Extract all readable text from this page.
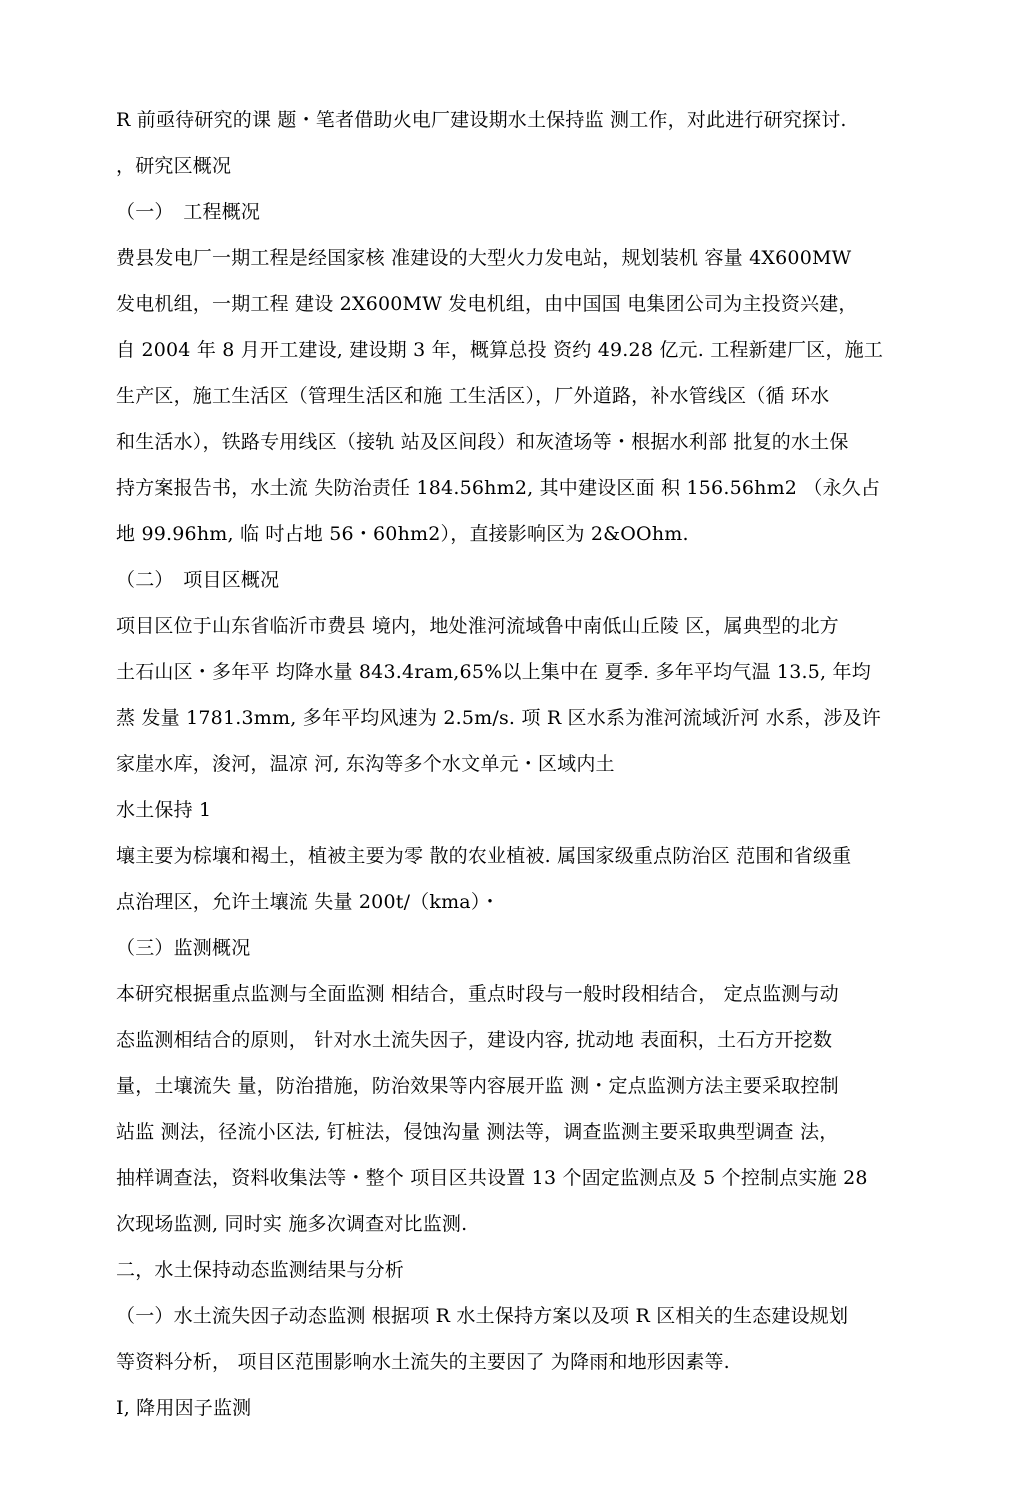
R 前亟待研究的课 题・笔者借助火电厂建设期水土保持监 测工作，对此进行研究探讨.
，研究区概况
（一）　工程概况
费县发电厂一期工程是经国家核 准建设的大型火力发电站，规划装机 容量 4X600MW
发电机组，一期工程 建设 2X600MW 发电机组，由中国国 电集团公司为主投资兴建，
自 2004 年 8 月开工建设, 建设期 3 年，概算总投 资约 49.28 亿元. 工程新建厂区，施工
生产区，施工生活区（管理生活区和施 工生活区），厂外道路，补水管线区（循 环水
和生活水），铁路专用线区（接轨 站及区间段）和灰渣场等・根据水利部 批复的水土保
持方案报告书，水土流 失防治责任 184.56hm2, 其中建设区面 积 156.56hm2 （永久占
地 99.96hm, 临 吋占地 56・60hm2），直接影响区为 2&OOhm.
（二）　项目区概况
项目区位于山东省临沂市费县 境内，地处淮河流域鲁中南低山丘陵 区，属典型的北方
土石山区・多年平 均降水量 843.4ram,65%以上集中在 夏季. 多年平均气温 13.5, 年均
蒸 发量 1781.3mm, 多年平均风速为 2.5m/s. 项 R 区水系为淮河流域沂河 水系，涉及许
家崖水库，浚河，温凉 河, 东沟等多个水文单元・区域内土
水土保持 1
壤主要为棕壤和褐土，植被主要为零 散的农业植被. 属国家级重点防治区 范围和省级重
点治理区，允许土壤流 失量 200t/（kma）・
（三）监测概况
本研究根据重点监测与全面监测 相结合，重点时段与一般时段相结合， 定点监测与动
态监测相结合的原则， 针对水土流失因子，建设内容, 扰动地 表面积，土石方开挖数
量，土壤流失 量，防治措施，防治效果等内容展开监 测・定点监测方法主要采取控制
站监 测法，径流小区法, 钉桩法，侵蚀沟量 测法等，调查监测主要采取典型调查 法，
抽样调查法，资料收集法等・整个 项目区共设置 13 个固定监测点及 5 个控制点实施 28
次现场监测, 同时实 施多次调查对比监测.
二，水土保持动态监测结果与分析
（一）水土流失因子动态监测 根据项 R 水土保持方案以及项 R 区相关的生态建设规划
等资料分析， 项目区范围影响水土流失的主要因了 为降雨和地形因素等.
I, 降用因子监测
